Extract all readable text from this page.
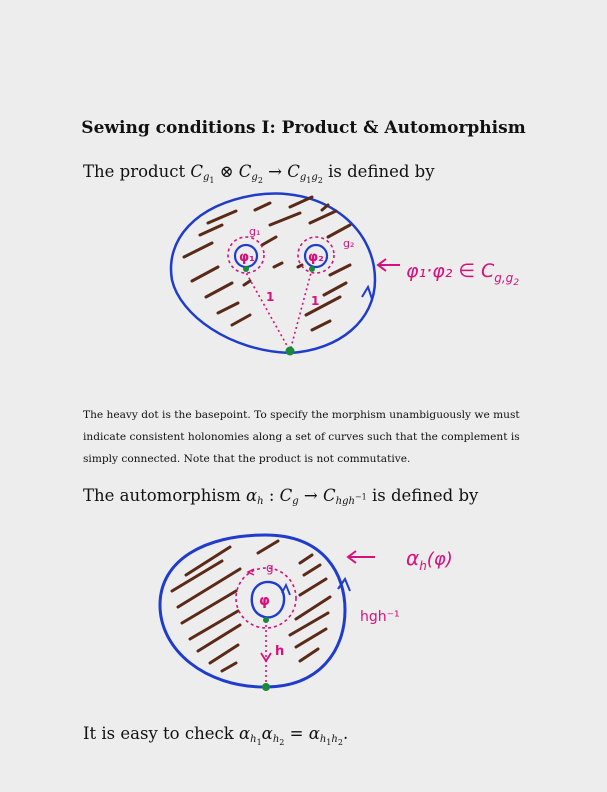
Sewing conditions I: Product & Automorphism
The product $C_{g_1}$ ⊗ $C_{g_2} \to C_{g_1g_2}$ is defined by
φ₁	φ₂
g₁
g₂
1	1
φ₁·φ₂ ∈ $C_{g,g}2$
The heavy dot is the basepoint. To specify the morphism unambiguously we must
indicate consistent holonomies along a set of curves such that the complement is
simply connected. Note that the product is not commutative.
The automorphism $\alpha_h$ : $C_g \to C_{hgh^{-1}}$ is defined by
φ
g
h
hgh⁻¹
$\alpha_h(\varphi)$
It is easy to check $\alpha_{h_1}\alpha_{h_2} = \alpha_{h_1h_2}$.
